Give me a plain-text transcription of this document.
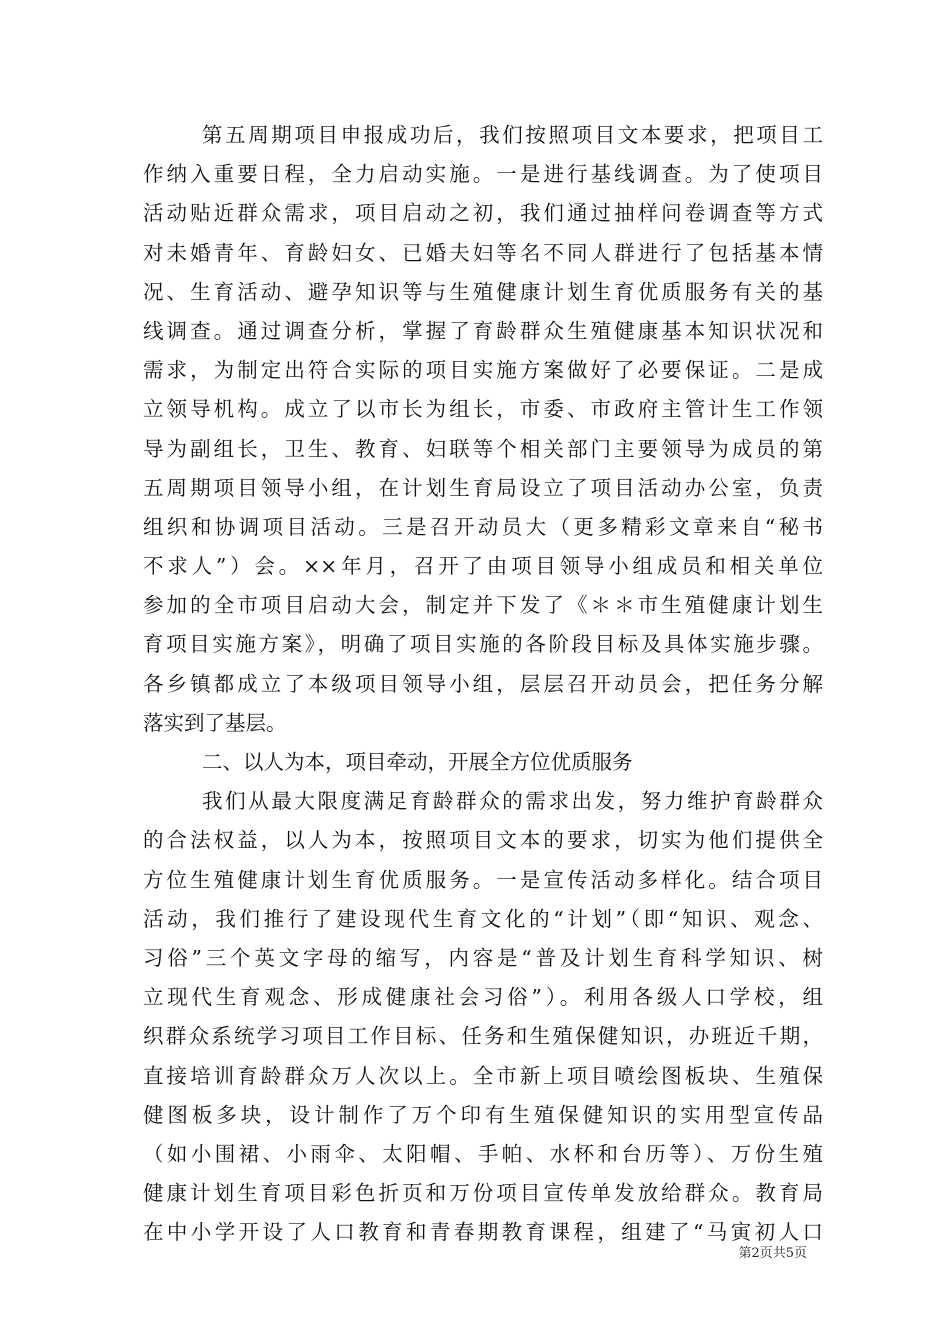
第五周期项目申报成功后，我们按照项目文本要求，把项目工
作纳入重要日程，全力启动实施。一是进行基线调查。为了使项目
活动贴近群众需求，项目启动之初，我们通过抽样问卷调查等方式
对未婚青年、育龄妇女、已婚夫妇等名不同人群进行了包括基本情
况、生育活动、避孕知识等与生殖健康计划生育优质服务有关的基
线调查。通过调查分析，掌握了育龄群众生殖健康基本知识状况和
需求，为制定出符合实际的项目实施方案做好了必要保证。二是成
立领导机构。成立了以市长为组长，市委、市政府主管计生工作领
导为副组长，卫生、教育、妇联等个相关部门主要领导为成员的第
五周期项目领导小组，在计划生育局设立了项目活动办公室，负责
组织和协调项目活动。三是召开动员大（更多精彩文章来自“秘书
不求人”）会。××年月，召开了由项目领导小组成员和相关单位
参加的全市项目启动大会，制定并下发了《＊＊市生殖健康计划生
育项目实施方案》，明确了项目实施的各阶段目标及具体实施步骤。
各乡镇都成立了本级项目领导小组，层层召开动员会，把任务分解
落实到了基层。
二、以人为本，项目牵动，开展全方位优质服务
我们从最大限度满足育龄群众的需求出发，努力维护育龄群众
的合法权益，以人为本，按照项目文本的要求，切实为他们提供全
方位生殖健康计划生育优质服务。一是宣传活动多样化。结合项目
活动，我们推行了建设现代生育文化的“计划”（即“知识、观念、
习俗”三个英文字母的缩写，内容是“普及计划生育科学知识、树
立现代生育观念、形成健康社会习俗”）。利用各级人口学校，组
织群众系统学习项目工作目标、任务和生殖保健知识，办班近千期，
直接培训育龄群众万人次以上。全市新上项目喷绘图板块、生殖保
健图板多块，设计制作了万个印有生殖保健知识的实用型宣传品
（如小围裙、小雨伞、太阳帽、手帕、水杯和台历等）、万份生殖
健康计划生育项目彩色折页和万份项目宣传单发放给群众。教育局
在中小学开设了人口教育和青春期教育课程，组建了“马寅初人口
第2页共5页
